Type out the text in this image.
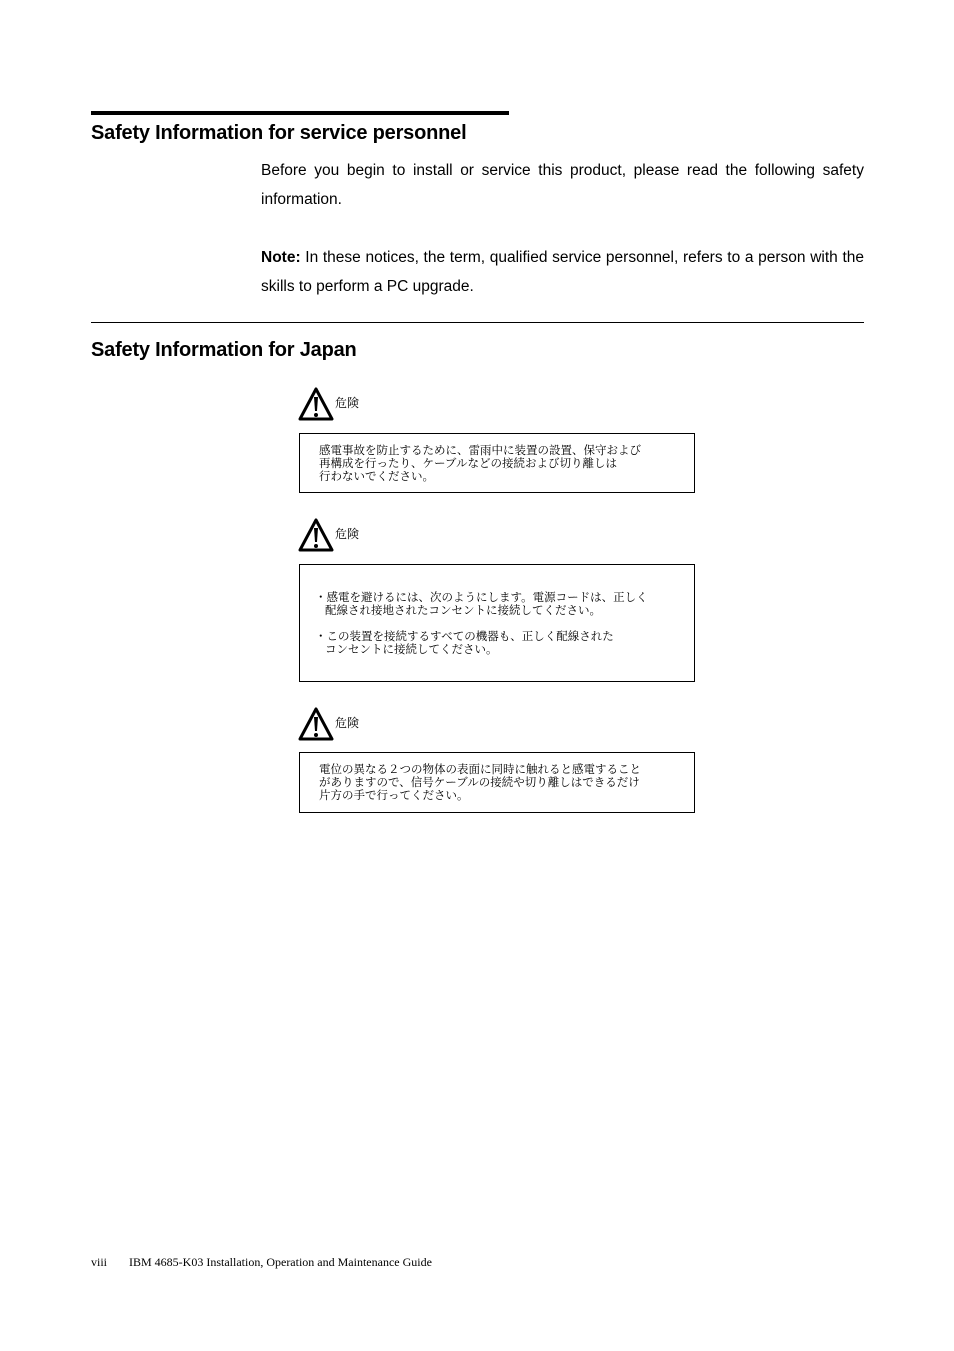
Safety Information for service personnel
Before you begin to install or service this product, please read the following safety information.
Note: In these notices, the term, qualified service personnel, refers to a person with the skills to perform a PC upgrade.
Safety Information for Japan
危険
感電事故を防止するために、雷雨中に装置の設置、保守および
再構成を行ったり、ケーブルなどの接続および切り離しは
行わないでください。
危険
・感電を避けるには、次のようにします。電源コードは、正しく
配線され接地されたコンセントに接続してください。
・この装置を接続するすべての機器も、正しく配線された
コンセントに接続してください。
危険
電位の異なる２つの物体の表面に同時に触れると感電すること
がありますので、信号ケーブルの接続や切り離しはできるだけ
片方の手で行ってください。
viii IBM 4685-K03 Installation, Operation and Maintenance Guide
